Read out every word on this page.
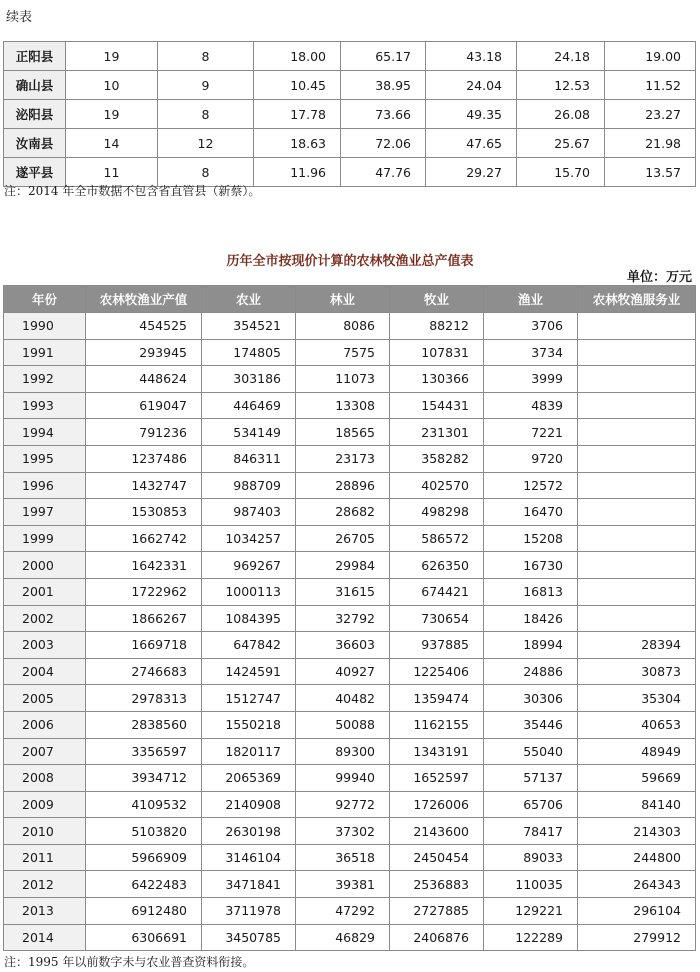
续表
正阳县	19	8	18.00	65.17	43.18	24.18	19.00
确山县	10	9	10.45	38.95	24.04	12.53	11.52
泌阳县	19	8	17.78	73.66	49.35	26.08	23.27
汝南县	14	12	18.63	72.06	47.65	25.67	21.98
遂平县	11	8	11.96	47.76	29.27	15.70	13.57
注：2014 年全市数据不包含省直管县（新蔡）。
历年全市按现价计算的农林牧渔业总产值表
单位：万元
年份	农林牧渔业产值	农业	林业	牧业	渔业	农林牧渔服务业
1990	454525	354521	8086	88212	3706	
1991	293945	174805	7575	107831	3734	
1992	448624	303186	11073	130366	3999	
1993	619047	446469	13308	154431	4839	
1994	791236	534149	18565	231301	7221	
1995	1237486	846311	23173	358282	9720	
1996	1432747	988709	28896	402570	12572	
1997	1530853	987403	28682	498298	16470	
1999	1662742	1034257	26705	586572	15208	
2000	1642331	969267	29984	626350	16730	
2001	1722962	1000113	31615	674421	16813	
2002	1866267	1084395	32792	730654	18426	
2003	1669718	647842	36603	937885	18994	28394
2004	2746683	1424591	40927	1225406	24886	30873
2005	2978313	1512747	40482	1359474	30306	35304
2006	2838560	1550218	50088	1162155	35446	40653
2007	3356597	1820117	89300	1343191	55040	48949
2008	3934712	2065369	99940	1652597	57137	59669
2009	4109532	2140908	92772	1726006	65706	84140
2010	5103820	2630198	37302	2143600	78417	214303
2011	5966909	3146104	36518	2450454	89033	244800
2012	6422483	3471841	39381	2536883	110035	264343
2013	6912480	3711978	47292	2727885	129221	296104
2014	6306691	3450785	46829	2406876	122289	279912
注：1995 年以前数字未与农业普查资料衔接。
